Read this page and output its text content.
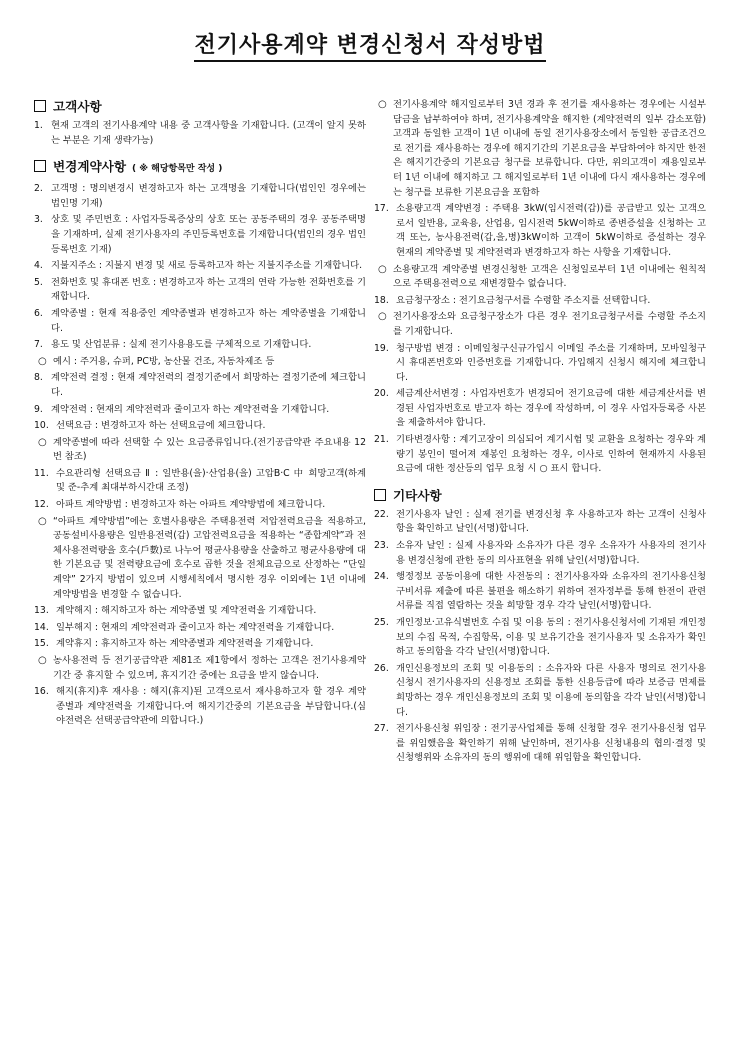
전기사용계약 변경신청서 작성방법
고객사항
1. 현재 고객의 전기사용계약 내용 중 고객사항을 기재합니다. (고객이 알지 못하는 부분은 기재 생략가능)
변경계약사항 ( ※ 해당항목만 작성 )
2. 고객명 : 명의변경시 변경하고자 하는 고객명을 기재합니다(법인인 경우에는 법인명 기재)
3. 상호 및 주민번호 : 사업자등록증상의 상호 또는 공동주택의 경우 공동주택명을 기재하며, 실제 전기사용자의 주민등록번호를 기재합니다(법인의 경우 법인등록번호 기재)
4. 지불지주소 : 지불지 변경 및 새로 등록하고자 하는 지불지주소를 기재합니다.
5. 전화번호 및 휴대폰 번호 : 변경하고자 하는 고객의 연락 가능한 전화번호를 기재합니다.
6. 계약종별 : 현재 적용중인 계약종별과 변경하고자 하는 계약종별을 기재합니다.
7. 용도 및 산업분류 : 실제 전기사용용도를 구체적으로 기재합니다.
○ 예시 : 주거용, 슈퍼, PC방, 농산물 건조, 자동차제조 등
8. 계약전력 결정 : 현재 계약전력의 결정기준에서 희망하는 결정기준에 체크합니다.
9. 계약전력 : 현재의 계약전력과 줄이고자 하는 계약전력을 기재합니다.
10. 선택요금 : 변경하고자 하는 선택요금에 체크합니다.
○ 계약종별에 따라 선택할 수 있는 요금종류입니다.(전기공급약관 주요내용 12번 참조)
11. 수요관리형 선택요금 Ⅱ : 일반용(을)·산업용(을) 고압B·C 中 희망고객(하계 및 준-추계 최대부하시간대 조정)
12. 아파트 계약방법 : 변경하고자 하는 아파트 계약방법에 체크합니다.
○ “아파트 계약방법”에는 호별사용량은 주택용전력 저압전력요금을 적용하고, 공동설비사용량은 일반용전력(갑) 고압전력요금을 적용하는 “종합계약”과 전체사용전력량을 호수(戶數)로 나누어 평균사용량을 산출하고 평균사용량에 대한 기본요금 및 전력량요금에 호수로 곱한 것을 전체요금으로 산정하는 “단일계약” 2가지 방법이 있으며 시행세칙에서 명시한 경우 이외에는 1년 이내에 계약방법을 변경할 수 없습니다.
13. 계약해지 : 해지하고자 하는 계약종별 및 계약전력을 기재합니다.
14. 일부해지 : 현재의 계약전력과 줄이고자 하는 계약전력을 기재합니다.
15. 계약휴지 : 휴지하고자 하는 계약종별과 계약전력을 기재합니다.
○ 농사용전력 등 전기공급약관 제81조 제1항에서 정하는 고객은 전기사용계약기간 중 휴지할 수 있으며, 휴지기간 중에는 요금을 받지 않습니다.
16. 해지(휴지)후 재사용 : 해지(휴지)된 고객으로서 재사용하고자 할 경우 계약종별과 계약전력을 기재합니다.여 해지기간중의 기본요금을 부담합니다.(심야전력은 선택공급약관에 의합니다.)
○ 전기사용계약 해지일로부터 3년 경과 후 전기를 재사용하는 경우에는 시설부담금을 납부하여야 하며, 전기사용계약을 해지한 (계약전력의 일부 감소포함) 고객과 동일한 고객이 1년 이내에 동일 전기사용장소에서 동일한 공급조건으로 전기를 재사용하는 경우에 해지기간의 기본요금을 부담하여야 하지만 한전은 해지기간중의 기본요금 청구를 보류합니다. 다만, 위의고객이 재용일로부터 1년 이내에 해지하고 그 해지일로부터 1년 이내에 다시 재사용하는 경우에는 청구를 보류한 기본요금을 포함하
17. 소용량고객 계약변경 : 주택용 3kW(임시전력(갑))를 공급받고 있는 고객으로서 일반용, 교육용, 산업용, 임시전력 5kW이하로 종변증설을 신청하는 고객 또는, 농사용전력(갑,을,병)3kW이하 고객이 5kW이하로 증설하는 경우 현재의 계약종별 및 계약전력과 변경하고자 하는 사항을 기재합니다.
○ 소용량고객 계약종별 변경신청한 고객은 신청일로부터 1년 이내에는 원칙적으로 주택용전력으로 재변경할수 없습니다.
18. 요금청구장소 : 전기요금청구서를 수령할 주소지를 선택합니다.
○ 전기사용장소와 요금청구장소가 다른 경우 전기요금청구서를 수령할 주소지를 기재합니다.
19. 청구방법 변경 : 이메일청구신규가입시 이메일 주소를 기재하며, 모바일청구시 휴대폰번호와 인증번호를 기재합니다. 가입해지 신청시 해지에 체크합니다.
20. 세금계산서변경 : 사업자번호가 변경되어 전기요금에 대한 세금계산서를 변경된 사업자번호로 받고자 하는 경우에 작성하며, 이 경우 사업자등록증 사본을 제출하셔야 합니다.
21. 기타변경사항 : 계기고장이 의심되어 계기시험 및 교환을 요청하는 경우와 계량기 봉인이 떨어져 재봉인 요청하는 경우, 이사로 인하여 현재까지 사용된 요금에 대한 정산등의 업무 요청 시 ○ 표시 합니다.
기타사항
22. 전기사용자 날인 : 실제 전기를 변경신청 후 사용하고자 하는 고객이 신청사항을 확인하고 날인(서명)합니다.
23. 소유자 날인 : 실제 사용자와 소유자가 다른 경우 소유자가 사용자의 전기사용 변경신청에 관한 동의 의사표현을 위해 날인(서명)합니다.
24. 행정정보 공동이용에 대한 사전동의 : 전기사용자와 소유자의 전기사용신청 구비서류 제출에 따른 불편을 해소하기 위하여 전자정부를 통해 한전이 관련 서류를 직접 열람하는 것을 희망할 경우 각각 날인(서명)합니다.
25. 개인정보·고유식별번호 수집 및 이용 동의 : 전기사용신청서에 기재된 개인정보의 수집 목적, 수집항목, 이용 및 보유기간을 전기사용자 및 소유자가 확인하고 동의함을 각각 날인(서명)합니다.
26. 개인신용정보의 조회 및 이용동의 : 소유자와 다른 사용자 명의로 전기사용 신청시 전기사용자의 신용정보 조회를 통한 신용등급에 따라 보증금 면제를 희망하는 경우 개인신용정보의 조회 및 이용에 동의함을 각각 날인(서명)합니다.
27. 전기사용신청 위임장 : 전기공사업체를 통해 신청할 경우 전기사용신청 업무를 위임했음을 확인하기 위해 날인하며, 전기사용 신청내용의 협의·결정 및 신청행위와 소유자의 동의 행위에 대해 위임함을 확인합니다.
